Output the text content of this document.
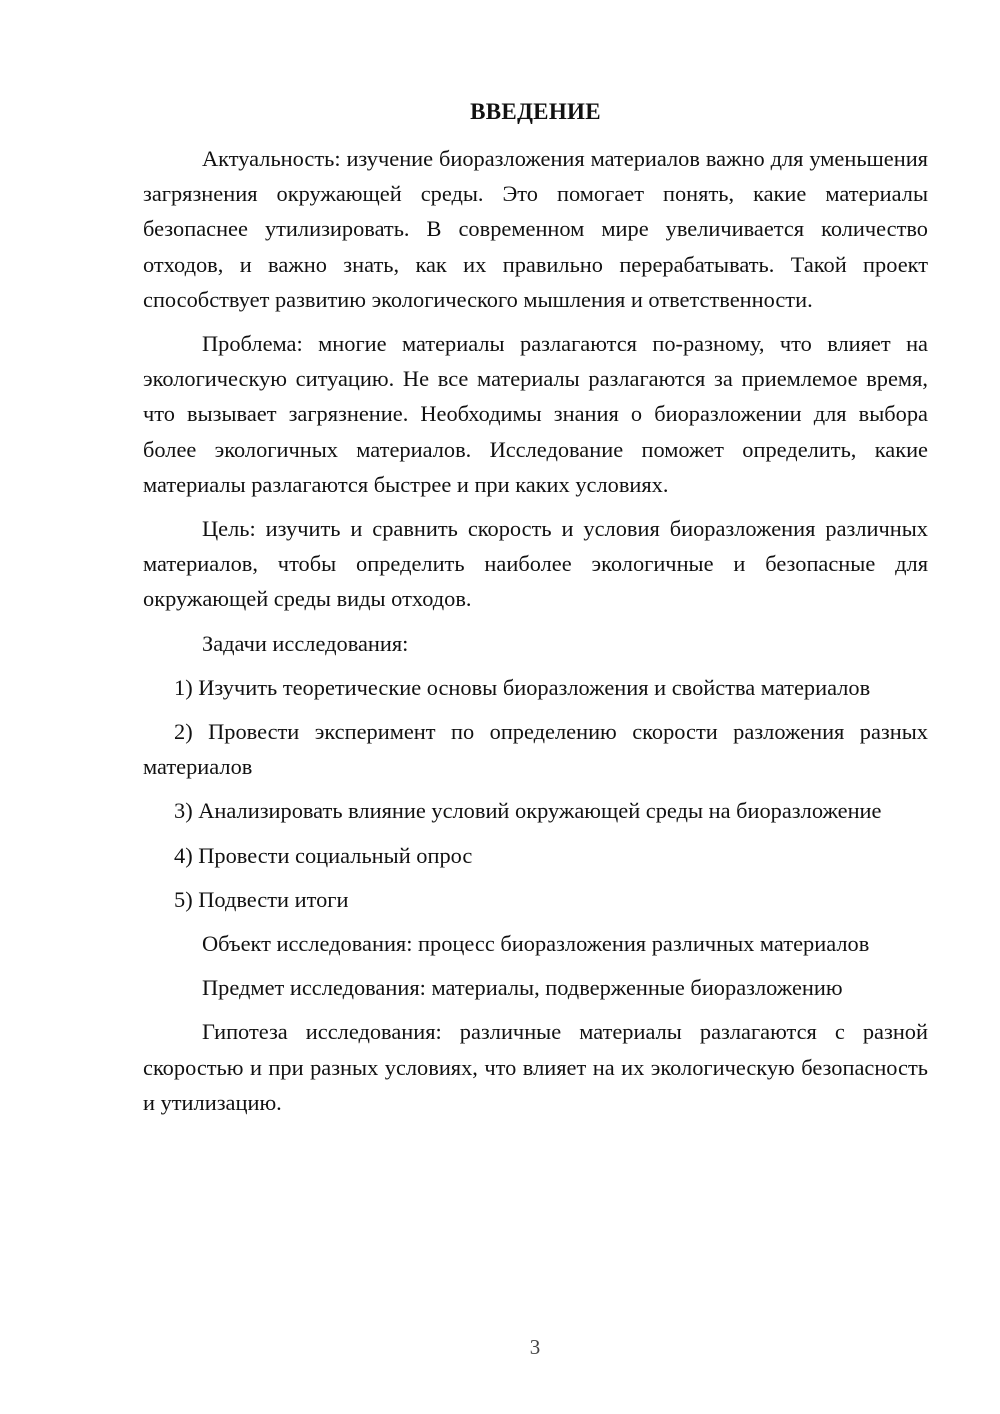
ВВЕДЕНИЕ

Актуальность: изучение биоразложения материалов важно для уменьшения загрязнения окружающей среды. Это помогает понять, какие материалы безопаснее утилизировать. В современном мире увеличивается количество отходов, и важно знать, как их правильно перерабатывать. Такой проект способствует развитию экологического мышления и ответственности.

Проблема: многие материалы разлагаются по-разному, что влияет на экологическую ситуацию. Не все материалы разлагаются за приемлемое время, что вызывает загрязнение. Необходимы знания о биоразложении для выбора более экологичных материалов. Исследование поможет определить, какие материалы разлагаются быстрее и при каких условиях.

Цель: изучить и сравнить скорость и условия биоразложения различных материалов, чтобы определить наиболее экологичные и безопасные для окружающей среды виды отходов.

Задачи исследования:

1) Изучить теоретические основы биоразложения и свойства материалов

2) Провести эксперимент по определению скорости разложения разных материалов

3) Анализировать влияние условий окружающей среды на биоразложение

4) Провести социальный опрос

5) Подвести итоги

Объект исследования: процесс биоразложения различных материалов

Предмет исследования: материалы, подверженные биоразложению

Гипотеза исследования: различные материалы разлагаются с разной скоростью и при разных условиях, что влияет на их экологическую безопасность и утилизацию.

3
